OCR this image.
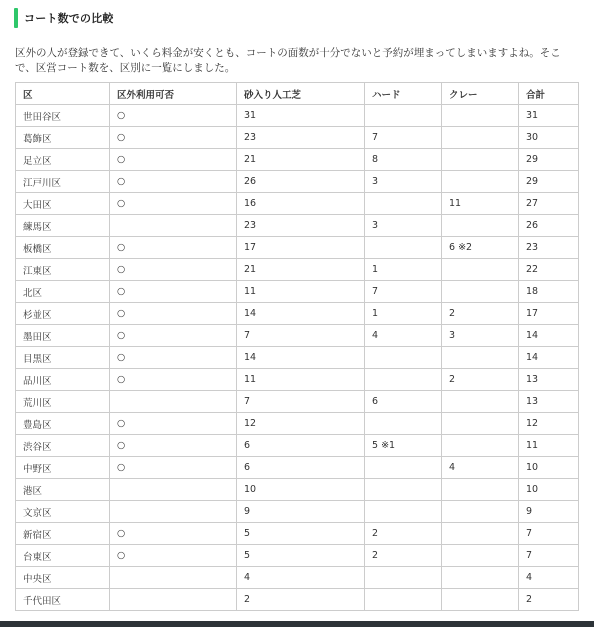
コート数での比較

区外の人が登録できて、いくら料金が安くとも、コートの面数が十分でないと予約が埋まってしまいますよね。そこで、区営コート数を、区別に一覧にしました。

区	区外利用可否	砂入り人工芝	ハード	クレー	合計
世田谷区	○	31			31
葛飾区	○	23	7		30
足立区	○	21	8		29
江戸川区	○	26	3		29
大田区	○	16		11	27
練馬区		23	3		26
板橋区	○	17		6 ※2	23
江東区	○	21	1		22
北区	○	11	7		18
杉並区	○	14	1	2	17
墨田区	○	7	4	3	14
目黒区	○	14			14
品川区	○	11		2	13
荒川区		7	6		13
豊島区	○	12			12
渋谷区	○	6	5 ※1		11
中野区	○	6		4	10
港区		10			10
文京区		9			9
新宿区	○	5	2		7
台東区	○	5	2		7
中央区		4			4
千代田区		2			2
